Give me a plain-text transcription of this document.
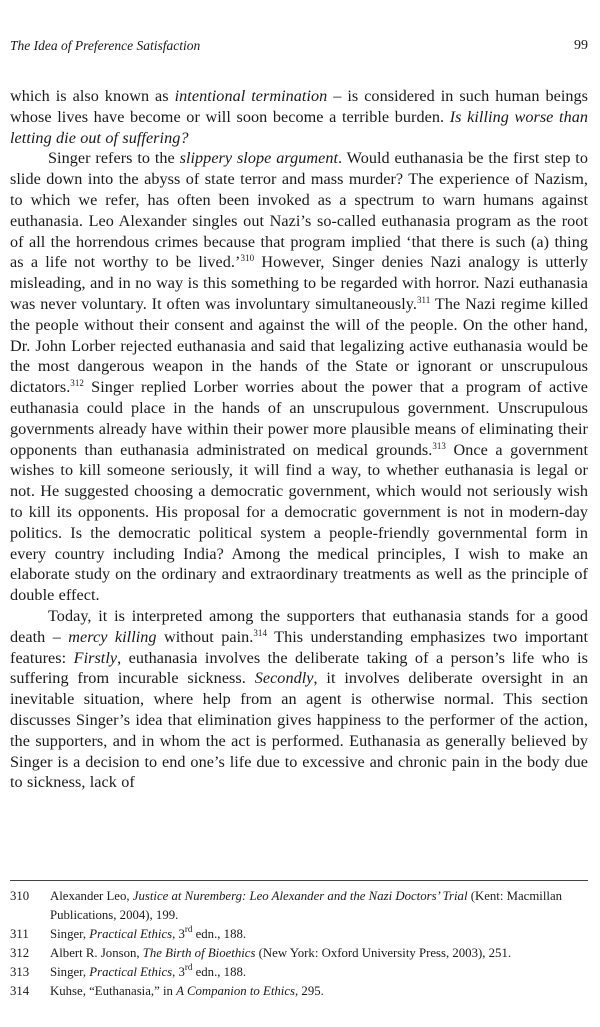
The Idea of Preference Satisfaction	99

which is also known as intentional termination – is considered in such human beings whose lives have become or will soon become a terrible burden. Is killing worse than letting die out of suffering?

Singer refers to the slippery slope argument. Would euthanasia be the first step to slide down into the abyss of state terror and mass murder? The experience of Nazism, to which we refer, has often been invoked as a spectrum to warn humans against euthanasia. Leo Alexander singles out Nazi’s so-called euthanasia program as the root of all the horrendous crimes because that program implied ‘that there is such (a) thing as a life not worthy to be lived.’$^{310}$ However, Singer denies Nazi analogy is utterly misleading, and in no way is this something to be regarded with horror. Nazi euthanasia was never voluntary. It often was involuntary simultaneously.$^{311}$ The Nazi regime killed the people without their consent and against the will of the people. On the other hand, Dr. John Lorber rejected euthanasia and said that legalizing active euthanasia would be the most dangerous weapon in the hands of the State or ignorant or unscrupulous dictators.$^{312}$ Singer replied Lorber worries about the power that a program of active euthanasia could place in the hands of an unscrupulous government. Unscrupulous governments already have within their power more plausible means of eliminating their opponents than euthanasia administrated on medical grounds.$^{313}$ Once a government wishes to kill someone seriously, it will find a way, to whether euthanasia is legal or not. He suggested choosing a democratic government, which would not seriously wish to kill its opponents. His proposal for a democratic government is not in modern-day politics. Is the democratic political system a people-friendly governmental form in every country including India? Among the medical principles, I wish to make an elaborate study on the ordinary and extraordinary treatments as well as the principle of double effect.

Today, it is interpreted among the supporters that euthanasia stands for a good death – mercy killing without pain.$^{314}$ This understanding emphasizes two important features: Firstly, euthanasia involves the deliberate taking of a person’s life who is suffering from incurable sickness. Secondly, it involves deliberate oversight in an inevitable situation, where help from an agent is otherwise normal. This section discusses Singer’s idea that elimination gives happiness to the performer of the action, the supporters, and in whom the act is performed. Euthanasia as generally believed by Singer is a decision to end one’s life due to excessive and chronic pain in the body due to sickness, lack of

310	Alexander Leo, Justice at Nuremberg: Leo Alexander and the Nazi Doctors’ Trial (Kent: Macmillan Publications, 2004), 199.
311	Singer, Practical Ethics, 3rd edn., 188.
312	Albert R. Jonson, The Birth of Bioethics (New York: Oxford University Press, 2003), 251.
313	Singer, Practical Ethics, 3rd edn., 188.
314	Kuhse, “Euthanasia,” in A Companion to Ethics, 295.
